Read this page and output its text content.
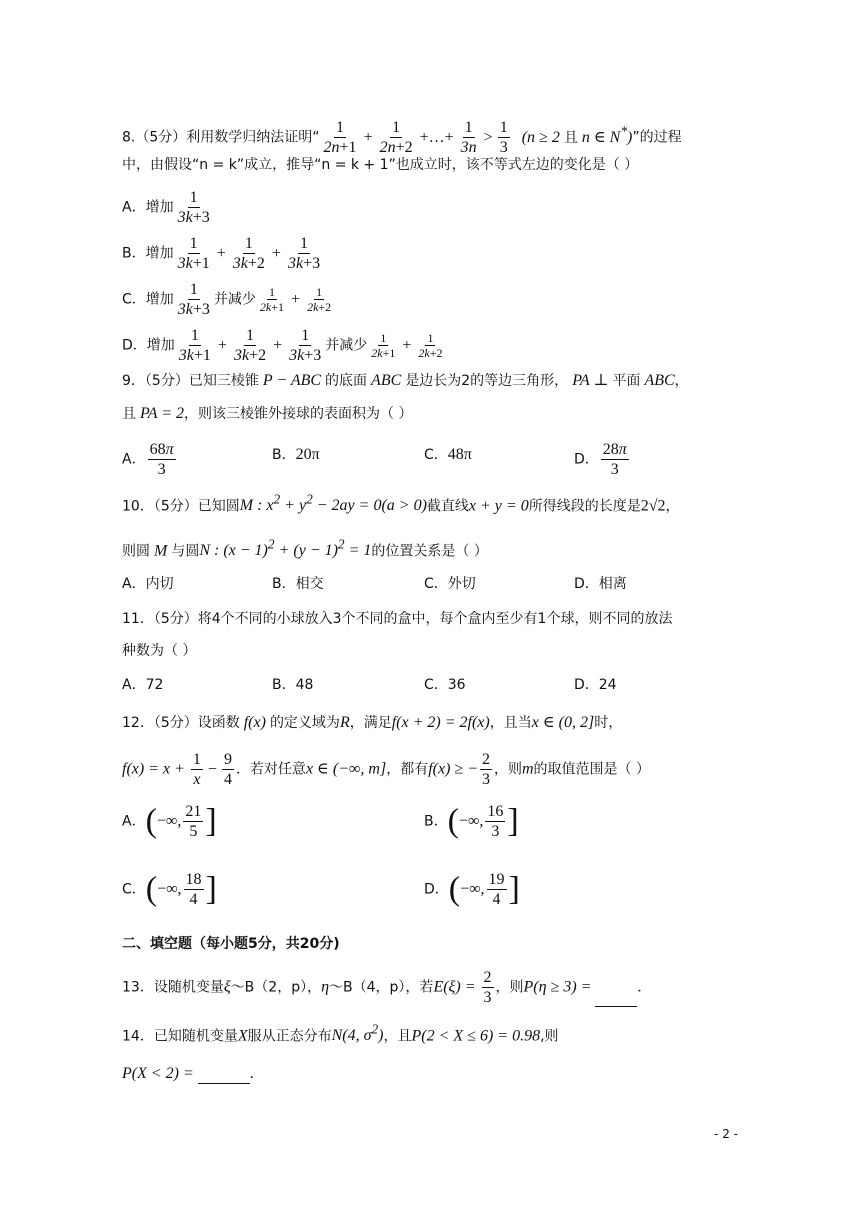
8.（5分）利用数学归纳法证明“ $\frac{1}{2n+1} + \frac{1}{2n+2}$ +…+ $\frac{1}{3n} > \frac{1}{3} (n \ge 2$ 且 n ∈ N*)”的过程
中，由假设“n = k”成立，推导“n = k + 1”也成立时，该不等式左边的变化是（ ）
A．增加 $\frac{1}{3k+3}$
B．增加 $\frac{1}{3k+1} + \frac{1}{3k+2} + \frac{1}{3k+3}$
C．增加 $\frac{1}{3k+3}$ 并减少 $\frac{1}{2k+1} + \frac{1}{2k+2}$
D．增加 $\frac{1}{3k+1} + \frac{1}{3k+2} + \frac{1}{3k+3}$ 并减少 $\frac{1}{2k+1} + \frac{1}{2k+2}$
9．（5分）已知三棱锥 P − ABC 的底面 ABC 是边长为2的等边三角形， PA ⊥ 平面 ABC，
且 PA = 2，则该三棱锥外接球的表面积为（ ）
A． $\frac{68\pi}{3}$	B．20π	C．48π	D． $\frac{28\pi}{3}$
10．（5分）已知圆M : $x^2 + y^2 - 2ay = 0(a > 0)$截直线x + y = 0所得线段的长度是2√2，
则圆 M 与圆N : $(x - 1)^2 + (y - 1)^2 = 1$的位置关系是（ ）
A．内切	B．相交	C．外切	D．相离
11．（5分）将4个不同的小球放入3个不同的盒中，每个盒内至少有1个球，则不同的放法
种数为（ ）
A．72	B．48	C．36	D．24
12．（5分）设函数 f(x) 的定义域为R，满足f(x + 2) = 2f(x)，且当x ∈ (0, 2]时，
$f(x) = x + \frac{1}{x} - \frac{9}{4}$ ．若对任意x ∈ (−∞, m]，都有f(x) ≥ − $\frac{2}{3}$ ，则m的取值范围是（ ）
A．(−∞, $\frac{21}{5}$ ]	B．(−∞, $\frac{16}{3}$ ]
C．(−∞, $\frac{18}{4}$ ]	D．(−∞, $\frac{19}{4}$ ]
二、填空题（每小题5分，共20分)
13．设随机变量ξ～B（2，p），η～B（4，p），若$E(\xi) = \frac{2}{3}$ ，则P(η ≥ 3) =	.
14．已知随机变量X服从正态分布N(4, $\sigma^2$)，且P(2 < X ≤ 6) = 0.98,则
P(X < 2) =	.
- 2 -
